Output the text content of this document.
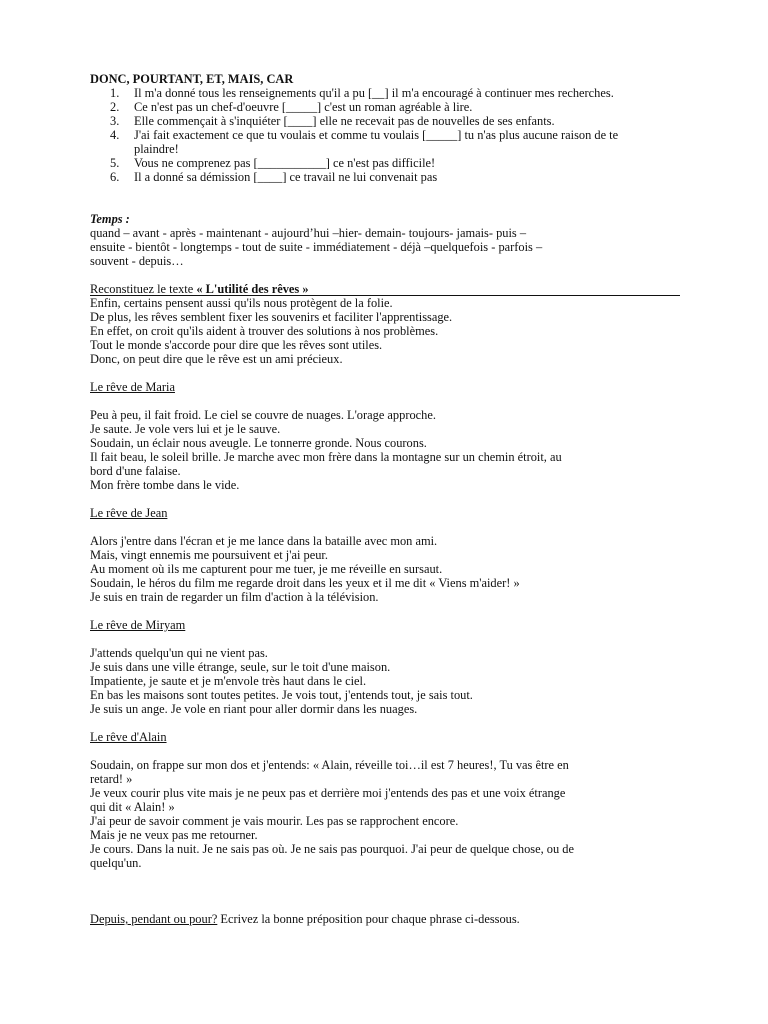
DONC, POURTANT, ET, MAIS, CAR
1. Il m'a donné tous les renseignements qu'il a pu [__] il m'a encouragé à continuer mes recherches.
2. Ce n'est pas un chef-d'oeuvre [_____] c'est un roman agréable à lire.
3. Elle commençait à s'inquiéter [____] elle ne recevait pas de nouvelles de ses enfants.
4. J'ai fait exactement ce que tu voulais et comme tu voulais [_____] tu n'as plus aucune raison de te plaindre!
5. Vous ne comprenez pas [___________] ce n'est pas difficile!
6. Il a donné sa démission [____] ce travail ne lui convenait pas
Temps :
quand – avant - après - maintenant - aujourd’hui –hier- demain- toujours- jamais- puis –
ensuite - bientôt - longtemps - tout de suite - immédiatement - déjà –quelquefois - parfois –
souvent - depuis…
Reconstituez le texte « L'utilité des rêves »
Enfin, certains pensent aussi qu'ils nous protègent de la folie.
De plus, les rêves semblent fixer les souvenirs et faciliter l'apprentissage.
En effet, on croit qu'ils aident à trouver des solutions à nos problèmes.
Tout le monde s'accorde pour dire que les rêves sont utiles.
Donc, on peut dire que le rêve est un ami précieux.
Le rêve de Maria
Peu à peu, il fait froid. Le ciel se couvre de nuages. L'orage approche.
Je saute. Je vole vers lui et je le sauve.
Soudain, un éclair nous aveugle. Le tonnerre gronde. Nous courons.
Il fait beau, le soleil brille. Je marche avec mon frère dans la montagne sur un chemin étroit, au
bord d'une falaise.
Mon frère tombe dans le vide.
Le rêve de Jean
Alors j'entre dans l'écran et je me lance dans la bataille avec mon ami.
Mais, vingt ennemis me poursuivent et j'ai peur.
Au moment où ils me capturent pour me tuer, je me réveille en sursaut.
Soudain, le héros du film me regarde droit dans les yeux et il me dit « Viens m'aider! »
Je suis en train de regarder un film d'action à la télévision.
Le rêve de Miryam
J'attends quelqu'un qui ne vient pas.
Je suis dans une ville étrange, seule, sur le toit d'une maison.
Impatiente, je saute et je m'envole très haut dans le ciel.
En bas les maisons sont toutes petites. Je vois tout, j'entends tout, je sais tout.
Je suis un ange. Je vole en riant pour aller dormir dans les nuages.
Le rêve d'Alain
Soudain, on frappe sur mon dos et j'entends: « Alain, réveille toi…il est 7 heures!, Tu vas être en
retard! »
Je veux courir plus vite mais je ne peux pas et derrière moi j'entends des pas et une voix étrange
qui dit « Alain! »
J'ai peur de savoir comment je vais mourir. Les pas se rapprochent encore.
Mais je ne veux pas me retourner.
Je cours. Dans la nuit. Je ne sais pas où. Je ne sais pas pourquoi. J'ai peur de quelque chose, ou de
quelqu'un.
Depuis, pendant ou pour? Ecrivez la bonne préposition pour chaque phrase ci-dessous.
